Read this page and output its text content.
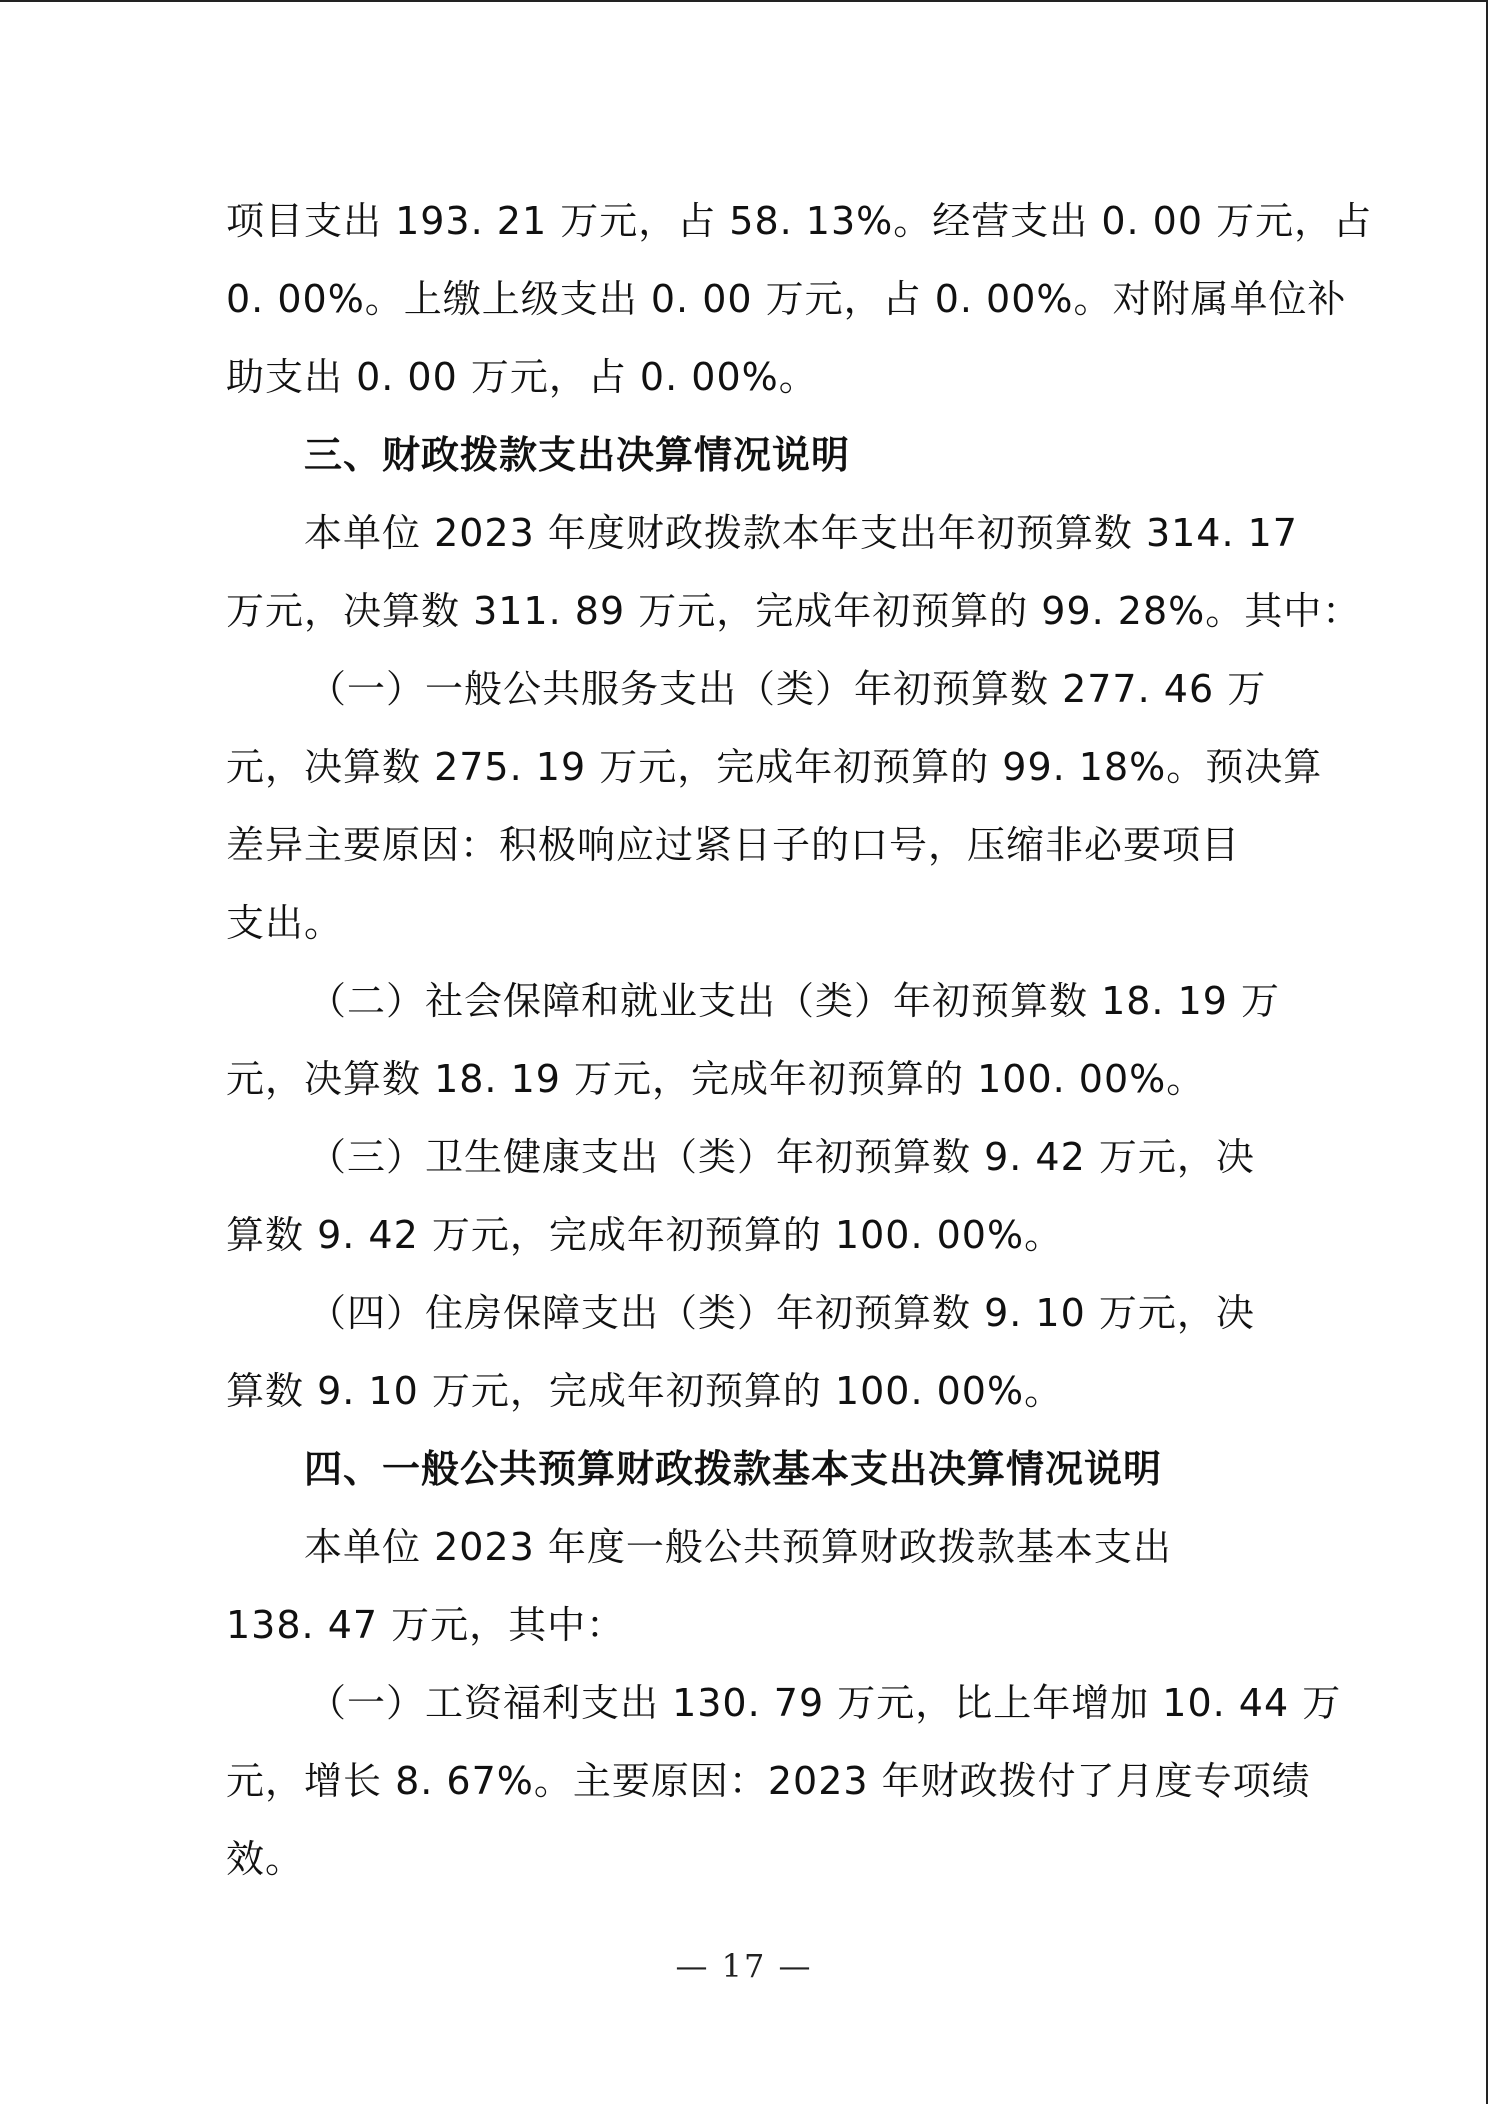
项目支出 193. 21 万元，占 58. 13%。经营支出 0. 00 万元，占
0. 00%。上缴上级支出 0. 00 万元，占 0. 00%。对附属单位补
助支出 0. 00 万元，占 0. 00%。
三、财政拨款支出决算情况说明
本单位 2023 年度财政拨款本年支出年初预算数 314. 17
万元，决算数 311. 89 万元，完成年初预算的 99. 28%。其中：
（一）一般公共服务支出（类）年初预算数 277. 46 万
元，决算数 275. 19 万元，完成年初预算的 99. 18%。预决算
差异主要原因：积极响应过紧日子的口号，压缩非必要项目
支出。
（二）社会保障和就业支出（类）年初预算数 18. 19 万
元，决算数 18. 19 万元，完成年初预算的 100. 00%。
（三）卫生健康支出（类）年初预算数 9. 42 万元，决
算数 9. 42 万元，完成年初预算的 100. 00%。
（四）住房保障支出（类）年初预算数 9. 10 万元，决
算数 9. 10 万元，完成年初预算的 100. 00%。
四、一般公共预算财政拨款基本支出决算情况说明
本单位 2023 年度一般公共预算财政拨款基本支出
138. 47 万元，其中：
（一）工资福利支出 130. 79 万元，比上年增加 10. 44 万
元，增长 8. 67%。主要原因：2023 年财政拨付了月度专项绩
效。
— 17 —
